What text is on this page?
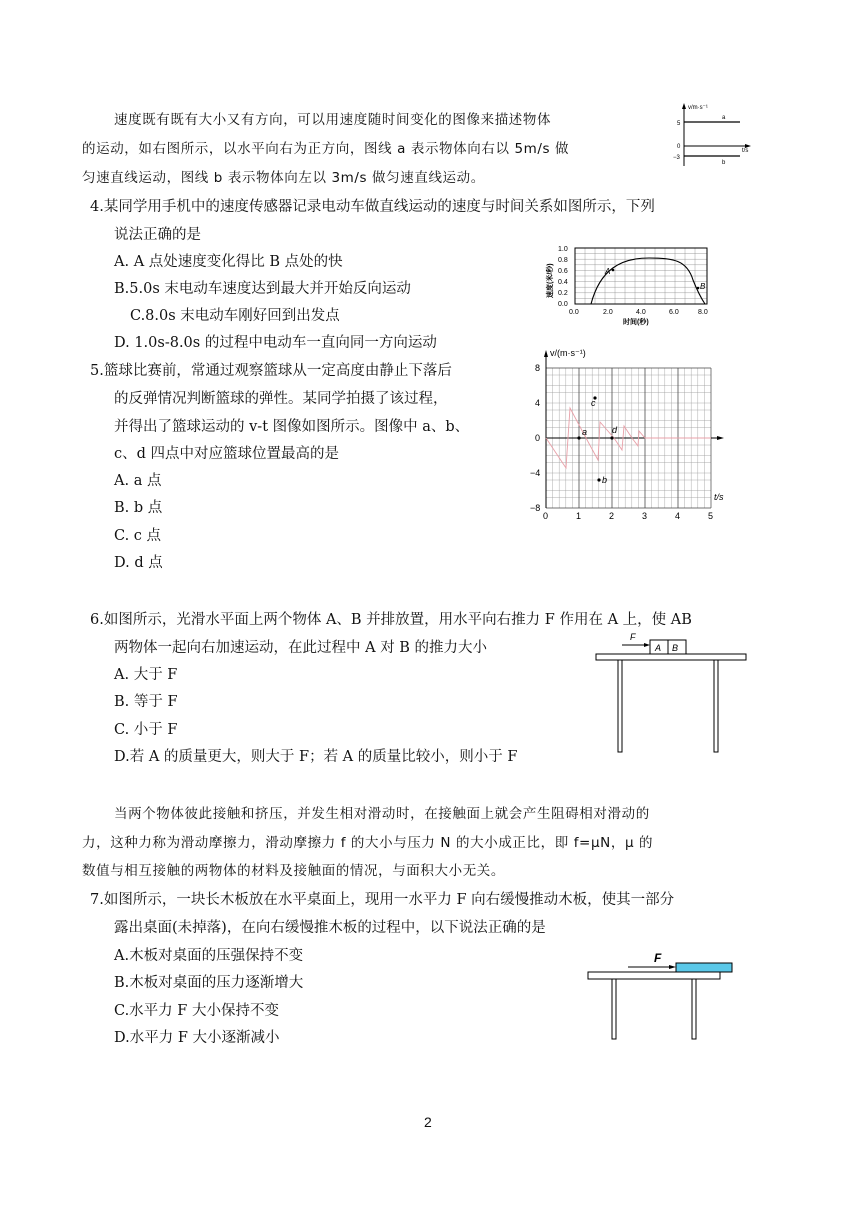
速度既有既有大小又有方向，可以用速度随时间变化的图像来描述物体
的运动，如右图所示，以水平向右为正方向，图线 a 表示物体向右以 5m/s 做
匀速直线运动，图线 b 表示物体向左以 3m/s 做匀速直线运动。
v/m·s⁻¹
t/s
5
0
−3
a
b
4.某同学用手机中的速度传感器记录电动车做直线运动的速度与时间关系如图所示，下列
说法正确的是
A. A 点处速度变化得比 B 点处的快
B.5.0s 末电动车速度达到最大并开始反向运动
C.8.0s 末电动车刚好回到出发点
D. 1.0s-8.0s 的过程中电动车一直向同一方向运动
A
B
1.0
0.8
0.6
0.4
0.2
0.0
0.0	2.0	4.0	6.0	8.0
时间(秒)
速度(米/秒)
5.篮球比赛前，常通过观察篮球从一定高度由静止下落后
的反弹情况判断篮球的弹性。某同学拍摄了该过程，
并得出了篮球运动的 v-t 图像如图所示。图像中 a、b、
c、d 四点中对应篮球位置最高的是
A. a 点
B. b 点
C. c 点
D. d 点
a
b
c
d
v/(m·s⁻¹)
t/s
8
4
0
−4
−8
0	1	2	3	4	5
6.如图所示，光滑水平面上两个物体 A、B 并排放置，用水平向右推力 F 作用在 A 上，使 AB
两物体一起向右加速运动，在此过程中 A 对 B 的推力大小
A. 大于 F
B. 等于 F
C. 小于 F
D.若 A 的质量更大，则大于 F；若 A 的质量比较小，则小于 F
F
A B
当两个物体彼此接触和挤压，并发生相对滑动时，在接触面上就会产生阻碍相对滑动的
力，这种力称为滑动摩擦力，滑动摩擦力 f 的大小与压力 N 的大小成正比，即 f=μN，μ 的
数值与相互接触的两物体的材料及接触面的情况，与面积大小无关。
7.如图所示，一块长木板放在水平桌面上，现用一水平力 F 向右缓慢推动木板，使其一部分
露出桌面(未掉落)，在向右缓慢推木板的过程中，以下说法正确的是
A.木板对桌面的压强保持不变
B.木板对桌面的压力逐渐增大
C.水平力 F 大小保持不变
D.水平力 F 大小逐渐减小
F
2
